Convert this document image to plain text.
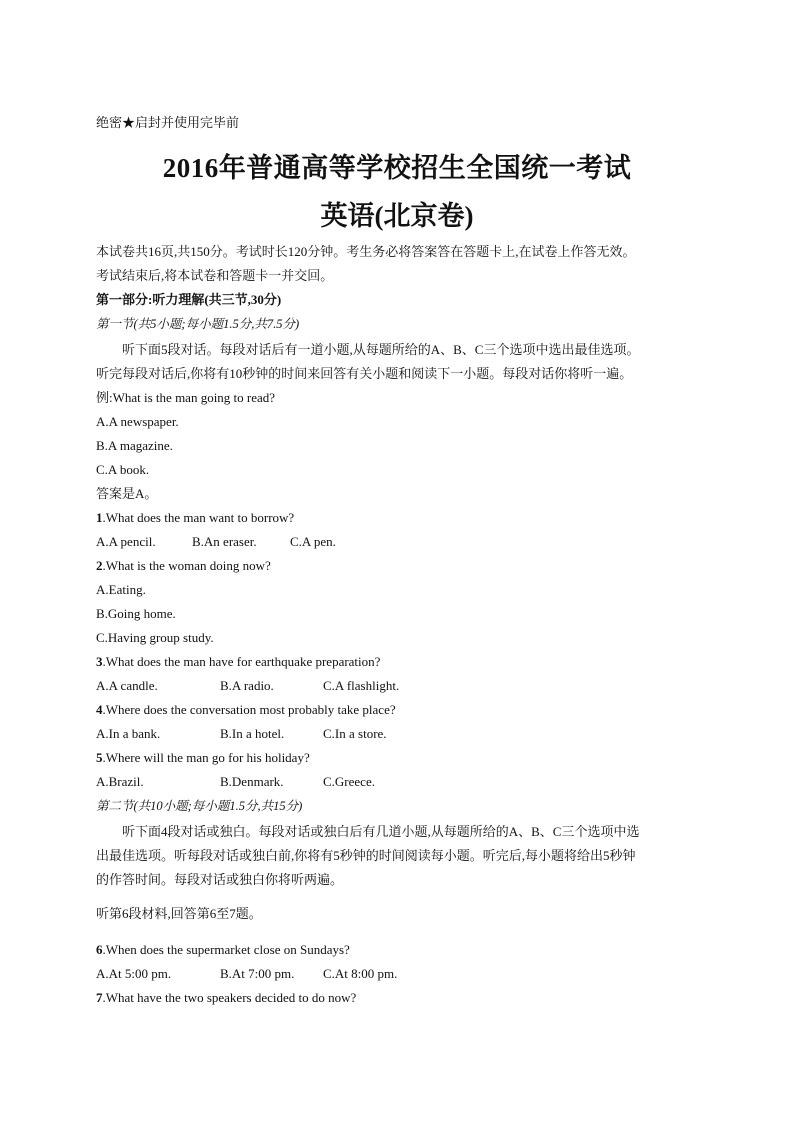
绝密★启封并使用完毕前
2016年普通高等学校招生全国统一考试
英语(北京卷)
本试卷共16页,共150分。考试时长120分钟。考生务必将答案答在答题卡上,在试卷上作答无效。
考试结束后,将本试卷和答题卡一并交回。
第一部分:听力理解(共三节,30分)
第一节(共5小题;每小题1.5分,共7.5分)
听下面5段对话。每段对话后有一道小题,从每题所给的A、B、C三个选项中选出最佳选项。
听完每段对话后,你将有10秒钟的时间来回答有关小题和阅读下一小题。每段对话你将听一遍。
例:What is the man going to read?
A.A newspaper.
B.A magazine.
C.A book.
答案是A。
1.What does the man want to borrow?
A.A pencil.	B.An eraser.	C.A pen.
2.What is the woman doing now?
A.Eating.
B.Going home.
C.Having group study.
3.What does the man have for earthquake preparation?
A.A candle.	B.A radio.	C.A flashlight.
4.Where does the conversation most probably take place?
A.In a bank.	B.In a hotel.	C.In a store.
5.Where will the man go for his holiday?
A.Brazil.	B.Denmark.	C.Greece.
第二节(共10小题;每小题1.5分,共15分)
听下面4段对话或独白。每段对话或独白后有几道小题,从每题所给的A、B、C三个选项中选
出最佳选项。听每段对话或独白前,你将有5秒钟的时间阅读每小题。听完后,每小题将给出5秒钟
的作答时间。每段对话或独白你将听两遍。
听第6段材料,回答第6至7题。
6.When does the supermarket close on Sundays?
A.At 5:00 pm.	B.At 7:00 pm. C.At 8:00 pm.
7.What have the two speakers decided to do now?
